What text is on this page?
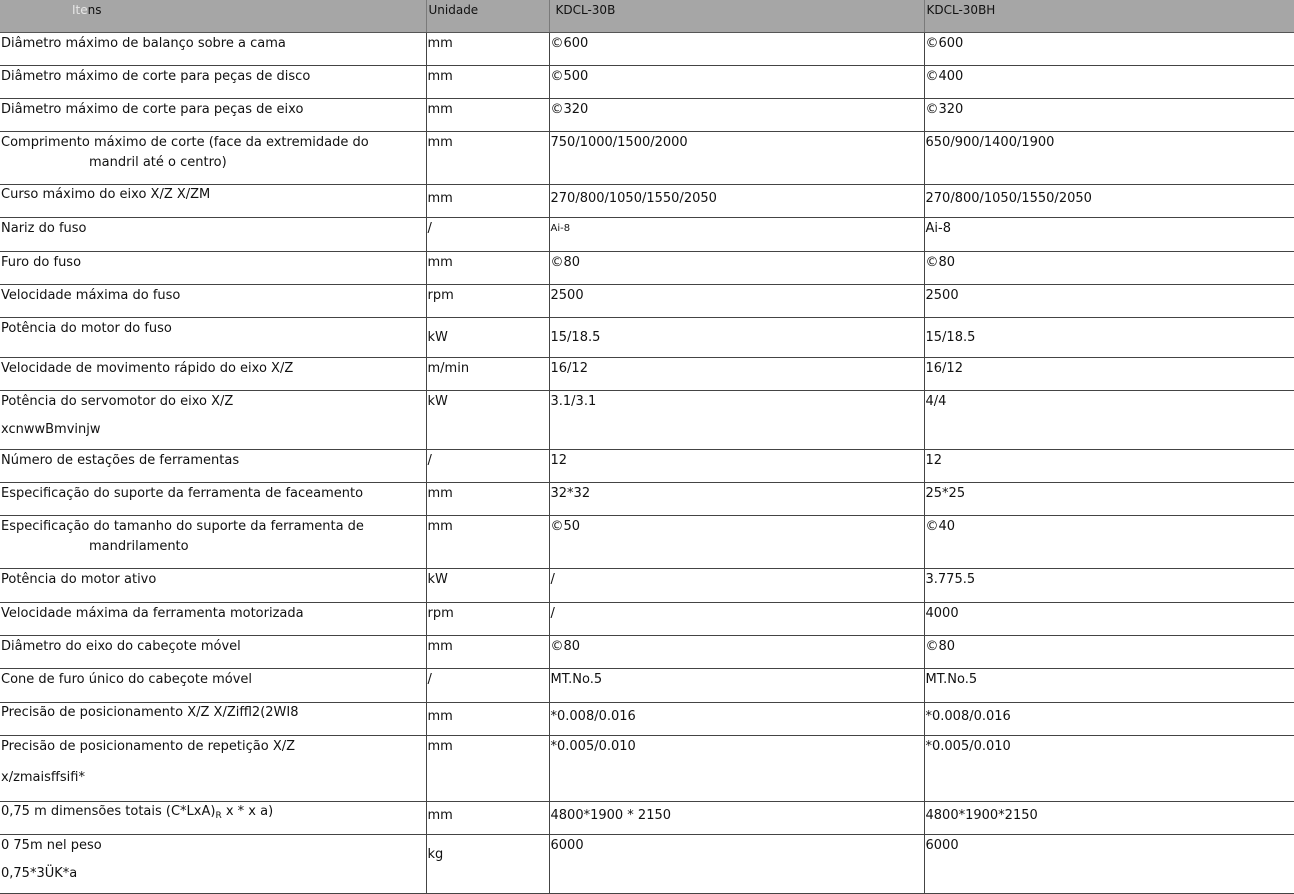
Itens	Unidade	KDCL-30B	KDCL-30BH

Diâmetro máximo de balanço sobre a cama	mm	©600	©600

Diâmetro máximo de corte para peças de disco	mm	©500	©400

Diâmetro máximo de corte para peças de eixo	mm	©320	©320

Comprimento máximo de corte (face da extremidade do
mandril até o centro)	mm	750/1000/1500/2000	650/900/1400/1900

Curso máximo do eixo X/Z X/ZM	mm	270/800/1050/1550/2050	270/800/1050/1550/2050

Nariz do fuso	/	Ai-8	Ai-8

Furo do fuso	mm	©80	©80

Velocidade máxima do fuso	rpm	2500	2500

Potência do motor do fuso	kW	15/18.5	15/18.5

Velocidade de movimento rápido do eixo X/Z	m/min	16/12	16/12

Potência do servomotor do eixo X/Z
xcnwwBmvinjw	kW	3.1/3.1	4/4

Número de estações de ferramentas	/	12	12

Especificação do suporte da ferramenta de faceamento	mm	32*32	25*25

Especificação do tamanho do suporte da ferramenta de
mandrilamento	mm	©50	©40

Potência do motor ativo	kW	/	3.775.5

Velocidade máxima da ferramenta motorizada	rpm	/	4000

Diâmetro do eixo do cabeçote móvel	mm	©80	©80

Cone de furo único do cabeçote móvel	/	MT.No.5	MT.No.5

Precisão de posicionamento X/Z X/Ziffl2(2WI8	mm	*0.008/0.016	*0.008/0.016

Precisão de posicionamento de repetição X/Z
x/zmaisffsifi*	mm	*0.005/0.010	*0.005/0.010

0,75 m dimensões totais $(C*LxA)_R$ x * x a)	mm	4800*1900 * 2150	4800*1900*2150

0 75m nel peso
0,75*3ÜK*a	kg	6000	6000
